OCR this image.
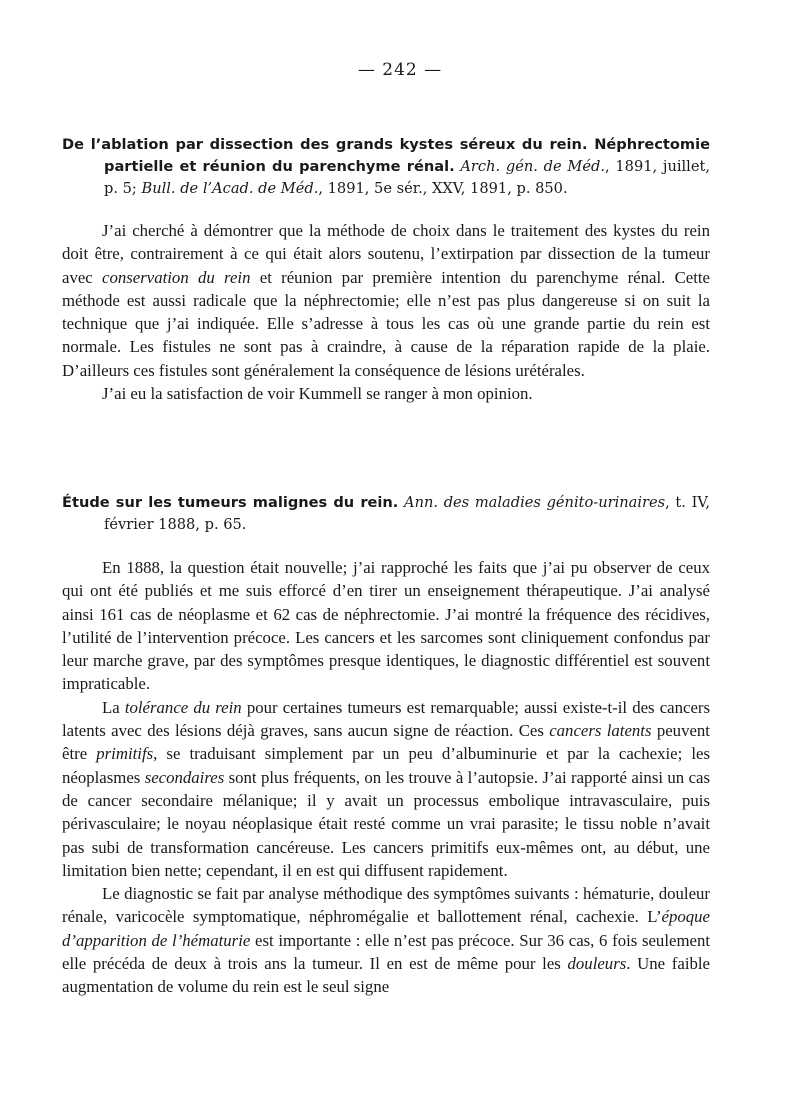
— 242 —
De l’ablation par dissection des grands kystes séreux du rein. Néphrectomie partielle et réunion du parenchyme rénal. Arch. gén. de Méd., 1891, juillet, p. 5; Bull. de l’Acad. de Méd., 1891, 5e sér., XXV, 1891, p. 850.

J’ai cherché à démontrer que la méthode de choix dans le traitement des kystes du rein doit être, contrairement à ce qui était alors soutenu, l’extirpation par dissection de la tumeur avec conservation du rein et réunion par première intention du parenchyme rénal. Cette méthode est aussi radicale que la néphrectomie; elle n’est pas plus dangereuse si on suit la technique que j’ai indiquée. Elle s’adresse à tous les cas où une grande partie du rein est normale. Les fistules ne sont pas à craindre, à cause de la réparation rapide de la plaie. D’ailleurs ces fistules sont généralement la conséquence de lésions urétérales.

J’ai eu la satisfaction de voir Kummell se ranger à mon opinion.

Étude sur les tumeurs malignes du rein. Ann. des maladies génito-urinaires, t. IV, février 1888, p. 65.

En 1888, la question était nouvelle; j’ai rapproché les faits que j’ai pu observer de ceux qui ont été publiés et me suis efforcé d’en tirer un enseignement thérapeutique. J’ai analysé ainsi 161 cas de néoplasme et 62 cas de néphrectomie. J’ai montré la fréquence des récidives, l’utilité de l’intervention précoce. Les cancers et les sarcomes sont cliniquement confondus par leur marche grave, par des symptômes presque identiques, le diagnostic différentiel est souvent impraticable.

La tolérance du rein pour certaines tumeurs est remarquable; aussi existe-t-il des cancers latents avec des lésions déjà graves, sans aucun signe de réaction. Ces cancers latents peuvent être primitifs, se traduisant simplement par un peu d’albuminurie et par la cachexie; les néoplasmes secondaires sont plus fréquents, on les trouve à l’autopsie. J’ai rapporté ainsi un cas de cancer secondaire mélanique; il y avait un processus embolique intravasculaire, puis périvasculaire; le noyau néoplasique était resté comme un vrai parasite; le tissu noble n’avait pas subi de transformation cancéreuse. Les cancers primitifs eux-mêmes ont, au début, une limitation bien nette; cependant, il en est qui diffusent rapidement.

Le diagnostic se fait par analyse méthodique des symptômes suivants : hématurie, douleur rénale, varicocèle symptomatique, néphromégalie et ballottement rénal, cachexie. L’époque d’apparition de l’hématurie est importante : elle n’est pas précoce. Sur 36 cas, 6 fois seulement elle précéda de deux à trois ans la tumeur. Il en est de même pour les douleurs. Une faible augmentation de volume du rein est le seul signe
